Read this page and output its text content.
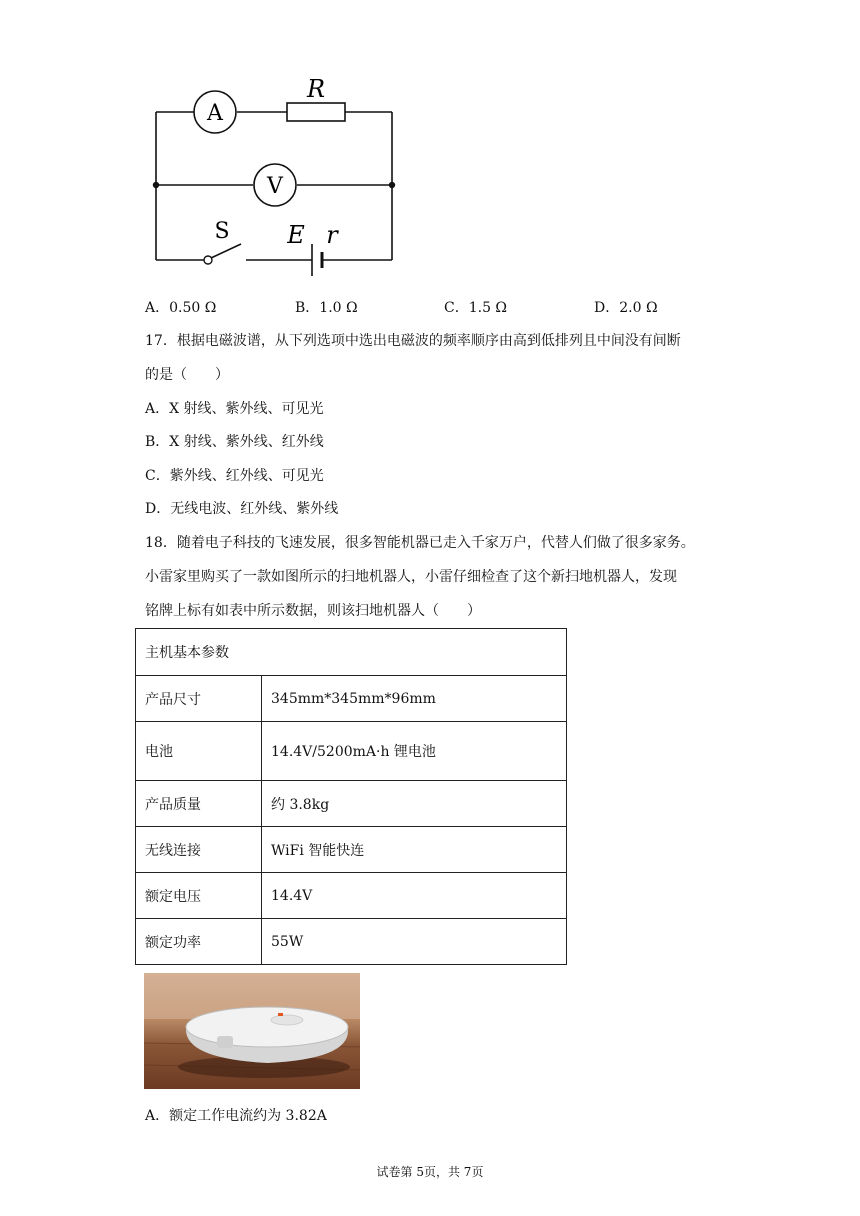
A
R
V
S E r
A．0.50 Ω	B．1.0 Ω	C．1.5 Ω	D．2.0 Ω
17．根据电磁波谱，从下列选项中选出电磁波的频率顺序由高到低排列且中间没有间断
的是（　　）
A．X 射线、紫外线、可见光
B．X 射线、紫外线、红外线
C．紫外线、红外线、可见光
D．无线电波、红外线、紫外线
18．随着电子科技的飞速发展，很多智能机器已走入千家万户，代替人们做了很多家务。
小雷家里购买了一款如图所示的扫地机器人，小雷仔细检查了这个新扫地机器人，发现
铭牌上标有如表中所示数据，则该扫地机器人（　　）
主机基本参数	
产品尺寸	345mm*345mm*96mm
电池	14.4V/5200mA·h 锂电池
产品质量	约 3.8kg
无线连接	WiFi 智能快连
额定电压	14.4V
额定功率	55W
A．额定工作电流约为 3.82A
试卷第 5页，共 7页
